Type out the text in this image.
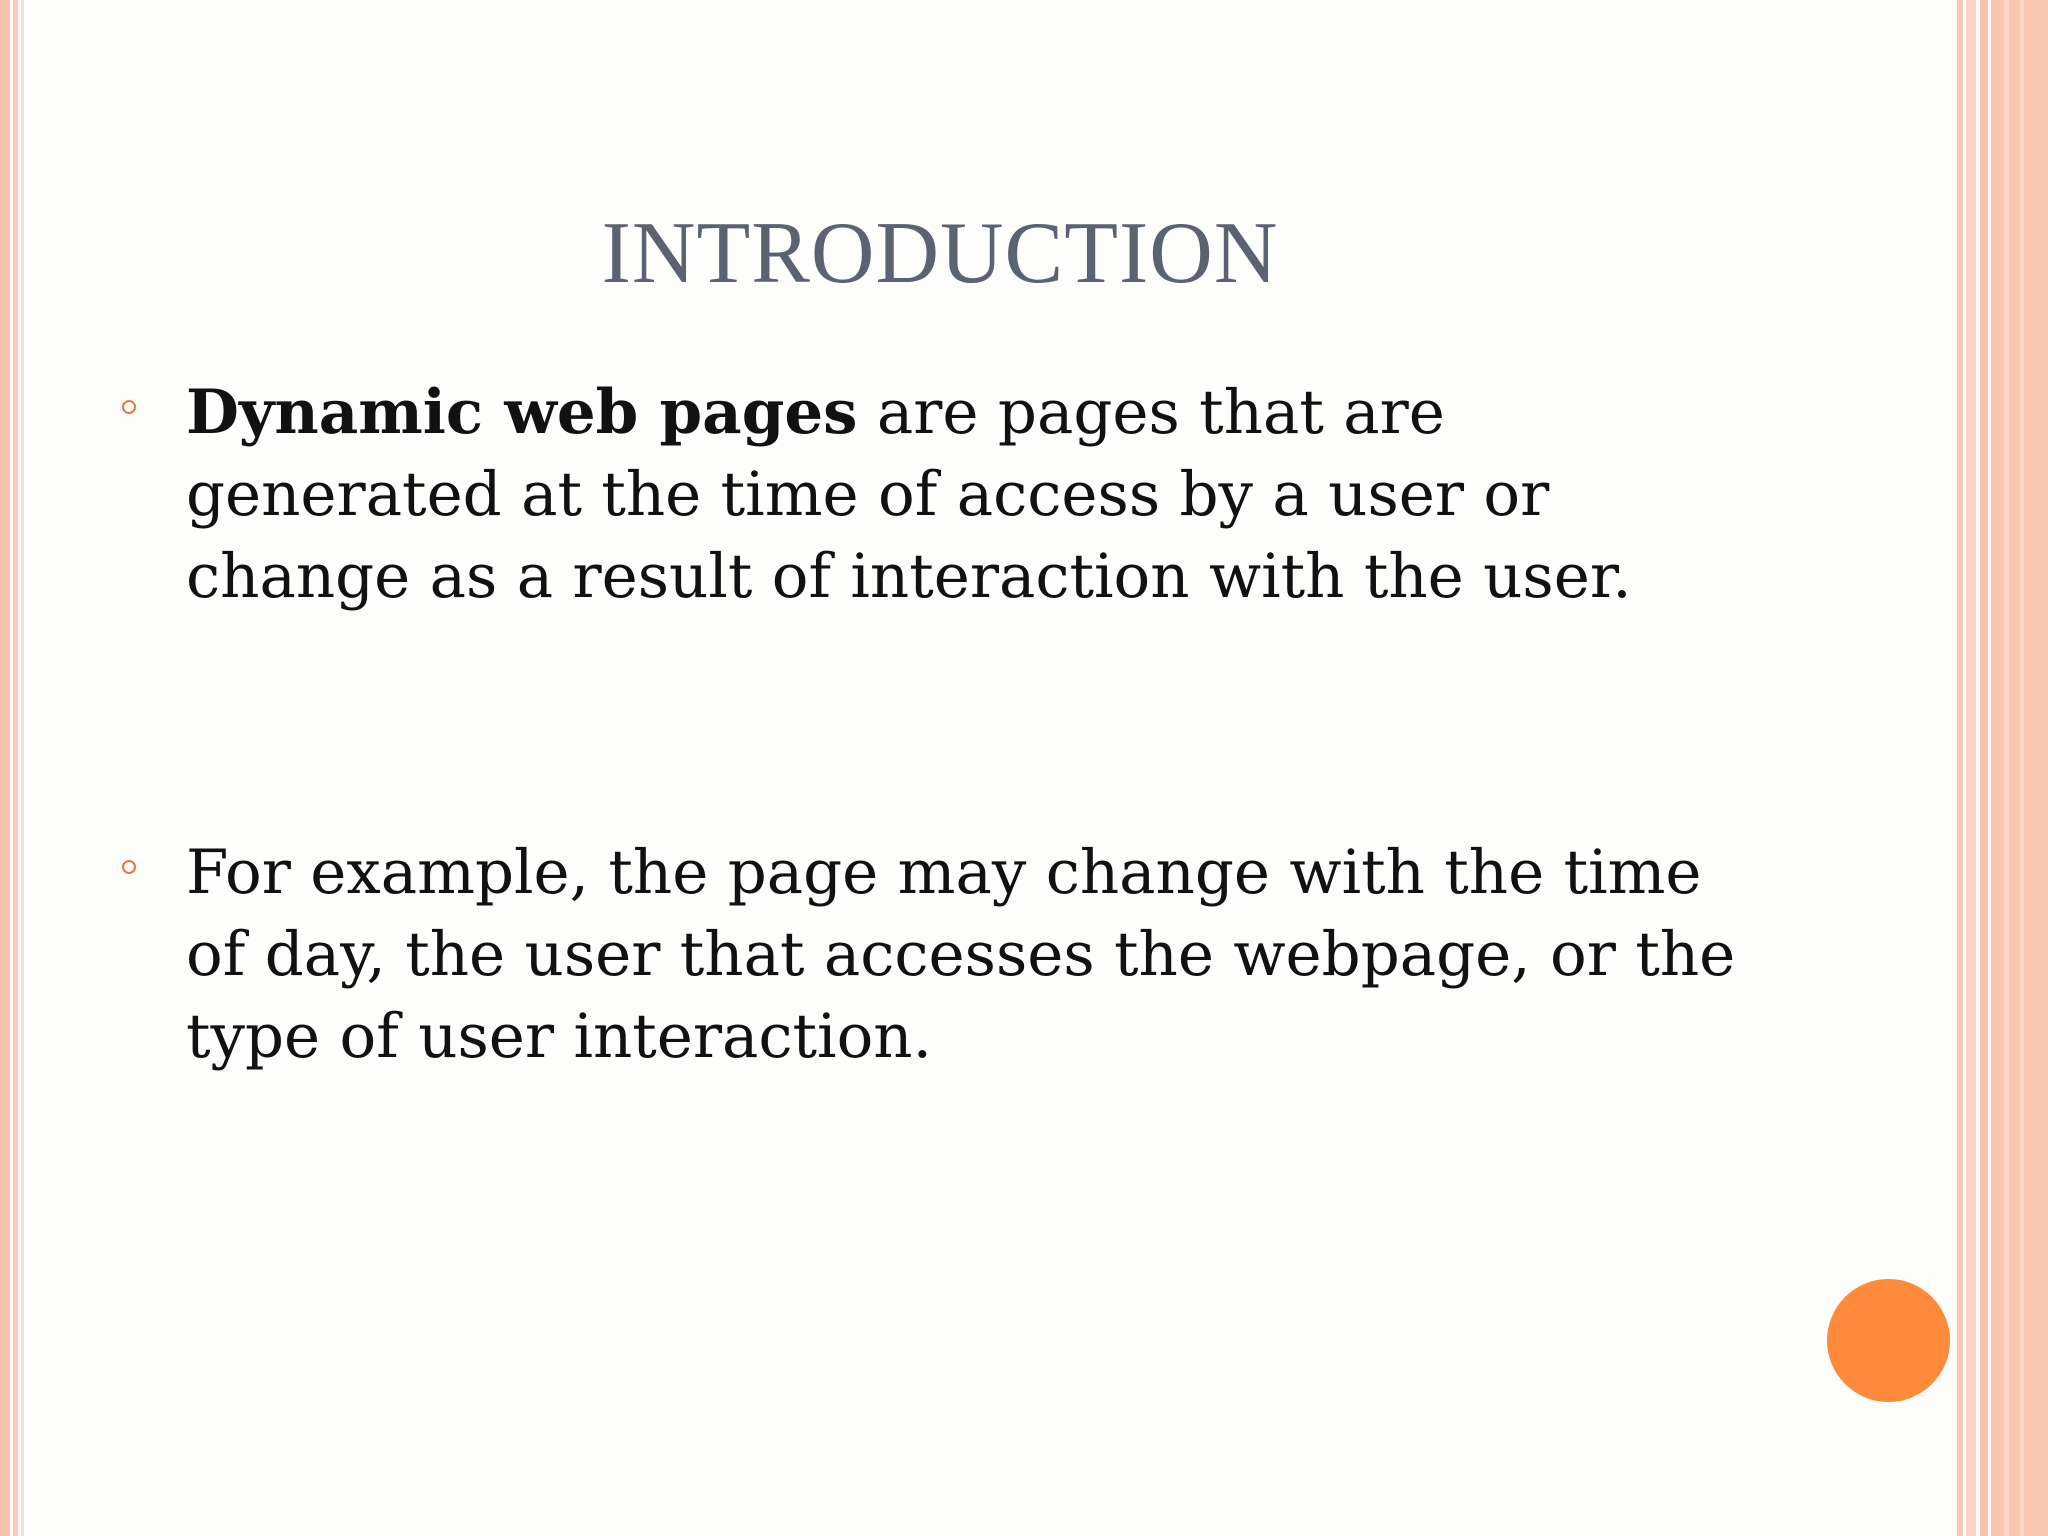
INTRODUCTION
Dynamic web pages are pages that are generated at the time of access by a user or change as a result of interaction with the user.
For example, the page may change with the time of day, the user that accesses the webpage, or the type of user interaction.
